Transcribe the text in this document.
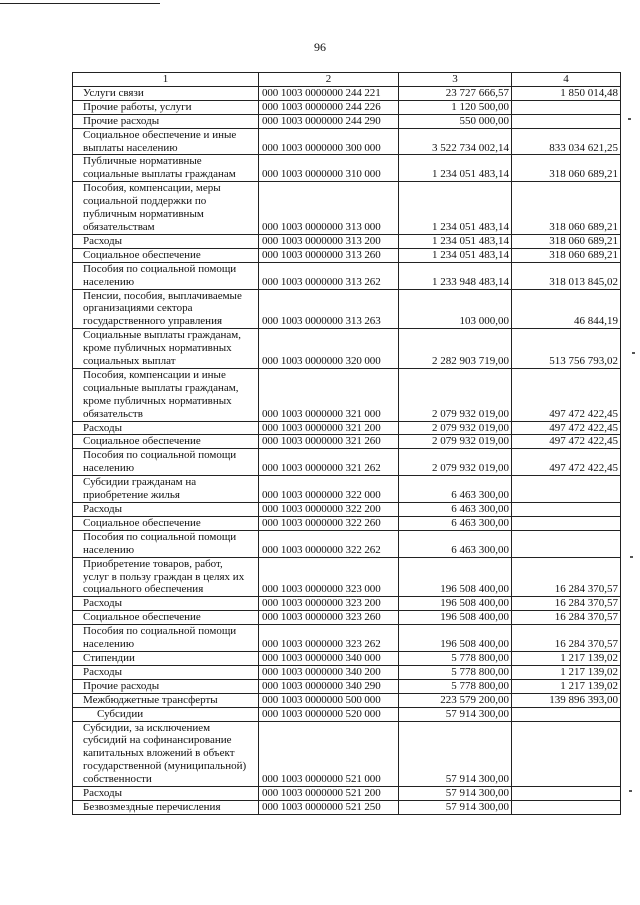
96
1	2	3	4
Услуги связи	000 1003 0000000 244 221	23 727 666,57	1 850 014,48
Прочие работы, услуги	000 1003 0000000 244 226	1 120 500,00	
Прочие расходы	000 1003 0000000 244 290	550 000,00	

Социальное обеспечение и иные
выплаты населению	000 1003 0000000 300 000	3 522 734 002,14	833 034 621,25

Публичные нормативные
социальные выплаты гражданам	000 1003 0000000 310 000	1 234 051 483,14	318 060 689,21

Пособия, компенсации, меры
социальной поддержки по
публичным нормативным
обязательствам	000 1003 0000000 313 000	1 234 051 483,14	318 060 689,21
Расходы	000 1003 0000000 313 200	1 234 051 483,14	318 060 689,21
Социальное обеспечение	000 1003 0000000 313 260	1 234 051 483,14	318 060 689,21

Пособия по социальной помощи
населению	000 1003 0000000 313 262	1 233 948 483,14	318 013 845,02

Пенсии, пособия, выплачиваемые
организациями сектора
государственного управления	000 1003 0000000 313 263	103 000,00	46 844,19

Социальные выплаты гражданам,
кроме публичных нормативных
социальных выплат	000 1003 0000000 320 000	2 282 903 719,00	513 756 793,02

Пособия, компенсации и иные
социальные выплаты гражданам,
кроме публичных нормативных
обязательств	000 1003 0000000 321 000	2 079 932 019,00	497 472 422,45
Расходы	000 1003 0000000 321 200	2 079 932 019,00	497 472 422,45
Социальное обеспечение	000 1003 0000000 321 260	2 079 932 019,00	497 472 422,45

Пособия по социальной помощи
населению	000 1003 0000000 321 262	2 079 932 019,00	497 472 422,45

Субсидии гражданам на
приобретение жилья	000 1003 0000000 322 000	6 463 300,00	
Расходы	000 1003 0000000 322 200	6 463 300,00	
Социальное обеспечение	000 1003 0000000 322 260	6 463 300,00	

Пособия по социальной помощи
населению	000 1003 0000000 322 262	6 463 300,00	

Приобретение товаров, работ,
услуг в пользу граждан в целях их
социального обеспечения	000 1003 0000000 323 000	196 508 400,00	16 284 370,57
Расходы	000 1003 0000000 323 200	196 508 400,00	16 284 370,57
Социальное обеспечение	000 1003 0000000 323 260	196 508 400,00	16 284 370,57

Пособия по социальной помощи
населению	000 1003 0000000 323 262	196 508 400,00	16 284 370,57
Стипендии	000 1003 0000000 340 000	5 778 800,00	1 217 139,02
Расходы	000 1003 0000000 340 200	5 778 800,00	1 217 139,02
Прочие расходы	000 1003 0000000 340 290	5 778 800,00	1 217 139,02
Межбюджетные трансферты	000 1003 0000000 500 000	223 579 200,00	139 896 393,00
Субсидии	000 1003 0000000 520 000	57 914 300,00	

Субсидии, за исключением
субсидий на софинансирование
капитальных вложений в объект
государственной (муниципальной)
собственности	000 1003 0000000 521 000	57 914 300,00	
Расходы	000 1003 0000000 521 200	57 914 300,00	
Безвозмездные перечисления	000 1003 0000000 521 250	57 914 300,00	
